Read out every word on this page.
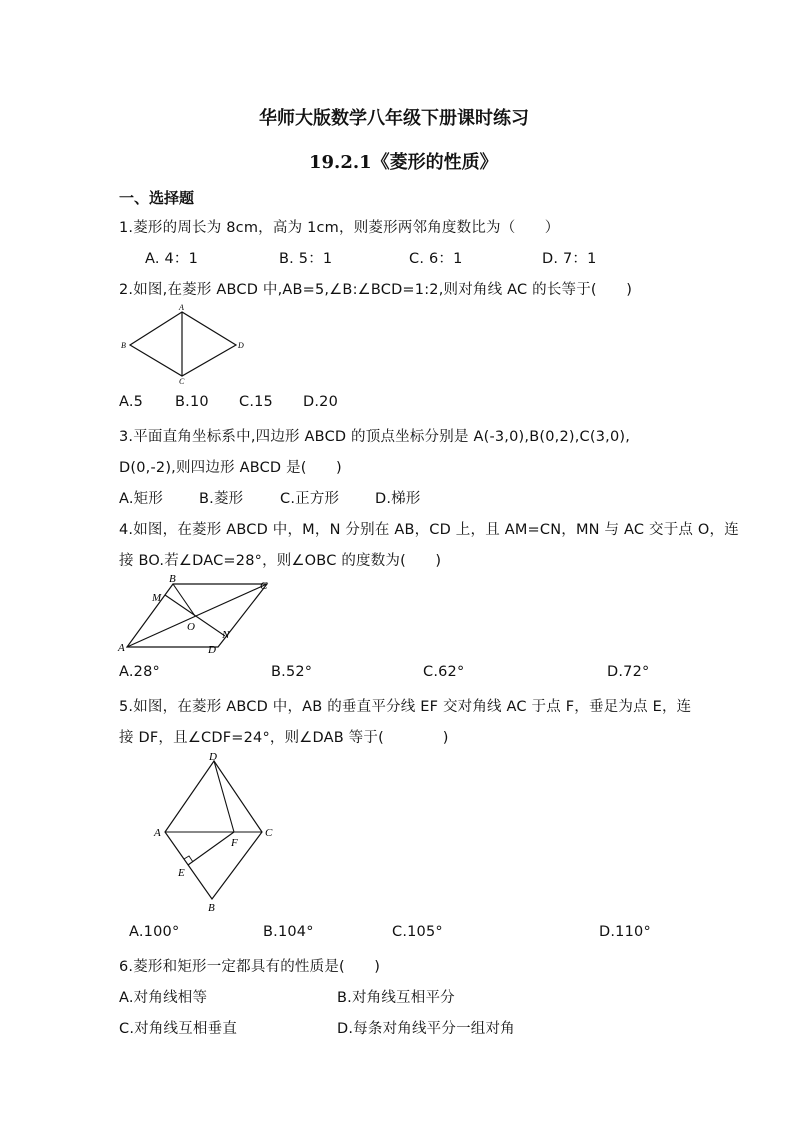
华师大版数学八年级下册课时练习
19.2.1《菱形的性质》
一、选择题
1.菱形的周长为 8cm，高为 1cm，则菱形两邻角度数比为（　　）
A. 4：1	B. 5：1	C. 6：1	D. 7：1
2.如图,在菱形 ABCD 中,AB=5,∠B:∠BCD=1:2,则对角线 AC 的长等于(　　)
A
B
C
D
A.5 B.10 C.15 D.20
3.平面直角坐标系中,四边形 ABCD 的顶点坐标分别是 A(-3,0),B(0,2),C(3,0),
D(0,-2),则四边形 ABCD 是(　　)
A.矩形 B.菱形	C.正方形 D.梯形
4.如图，在菱形 ABCD 中，M，N 分别在 AB，CD 上，且 AM=CN，MN 与 AC 交于点 O，连
接 BO.若∠DAC=28°，则∠OBC 的度数为(　　)
B
C
M
O
N
A	D
A.28°	B.52°	C.62°	D.72°
5.如图，在菱形 ABCD 中，AB 的垂直平分线 EF 交对角线 AC 于点 F，垂足为点 E，连
接 DF，且∠CDF=24°，则∠DAB 等于(　　　　)
D
A
F
C
E
B
A.100°	B.104°	C.105°	D.110°
6.菱形和矩形一定都具有的性质是(　　)
A.对角线相等	B.对角线互相平分
C.对角线互相垂直	D.每条对角线平分一组对角
